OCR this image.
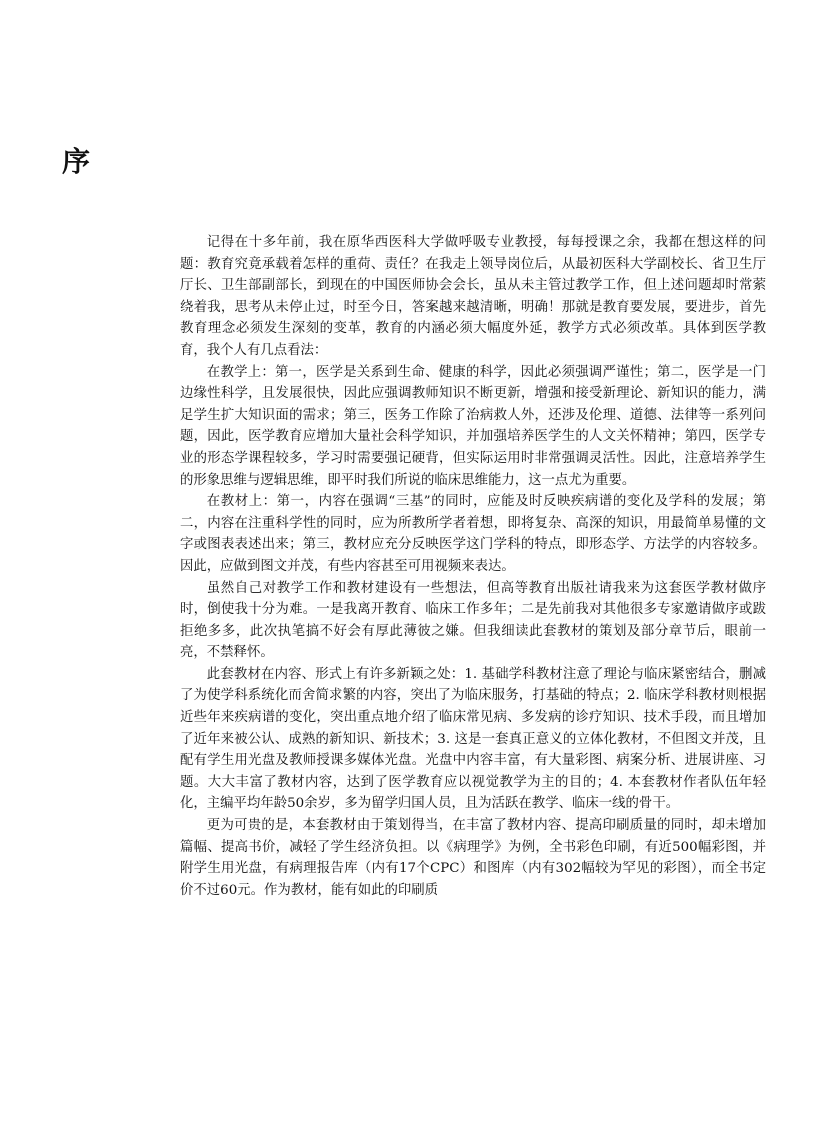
序

记得在十多年前，我在原华西医科大学做呼吸专业教授，每每授课之余，我都在想这样的问题：教育究竟承载着怎样的重荷、责任？在我走上领导岗位后，从最初医科大学副校长、省卫生厅厅长、卫生部副部长，到现在的中国医师协会会长，虽从未主管过教学工作，但上述问题却时常萦绕着我，思考从未停止过，时至今日，答案越来越清晰，明确！那就是教育要发展，要进步，首先教育理念必须发生深刻的变革，教育的内涵必须大幅度外延，教学方式必须改革。具体到医学教育，我个人有几点看法：

在教学上：第一，医学是关系到生命、健康的科学，因此必须强调严谨性；第二，医学是一门边缘性科学，且发展很快，因此应强调教师知识不断更新，增强和接受新理论、新知识的能力，满足学生扩大知识面的需求；第三，医务工作除了治病救人外，还涉及伦理、道德、法律等一系列问题，因此，医学教育应增加大量社会科学知识，并加强培养医学生的人文关怀精神；第四，医学专业的形态学课程较多，学习时需要强记硬背，但实际运用时非常强调灵活性。因此，注意培养学生的形象思维与逻辑思维，即平时我们所说的临床思维能力，这一点尤为重要。

在教材上：第一，内容在强调“三基”的同时，应能及时反映疾病谱的变化及学科的发展；第二，内容在注重科学性的同时，应为所教所学者着想，即将复杂、高深的知识，用最简单易懂的文字或图表表述出来；第三，教材应充分反映医学这门学科的特点，即形态学、方法学的内容较多。因此，应做到图文并茂，有些内容甚至可用视频来表达。

虽然自己对教学工作和教材建设有一些想法，但高等教育出版社请我来为这套医学教材做序时，倒使我十分为难。一是我离开教育、临床工作多年；二是先前我对其他很多专家邀请做序或跋拒绝多多，此次执笔搞不好会有厚此薄彼之嫌。但我细读此套教材的策划及部分章节后，眼前一亮，不禁释怀。

此套教材在内容、形式上有许多新颖之处：1. 基础学科教材注意了理论与临床紧密结合，删减了为使学科系统化而舍简求繁的内容，突出了为临床服务，打基础的特点；2. 临床学科教材则根据近些年来疾病谱的变化，突出重点地介绍了临床常见病、多发病的诊疗知识、技术手段，而且增加了近年来被公认、成熟的新知识、新技术；3. 这是一套真正意义的立体化教材，不但图文并茂，且配有学生用光盘及教师授课多媒体光盘。光盘中内容丰富，有大量彩图、病案分析、进展讲座、习题。大大丰富了教材内容，达到了医学教育应以视觉教学为主的目的；4. 本套教材作者队伍年轻化，主编平均年龄50余岁，多为留学归国人员，且为活跃在教学、临床一线的骨干。

更为可贵的是，本套教材由于策划得当，在丰富了教材内容、提高印刷质量的同时，却未增加篇幅、提高书价，减轻了学生经济负担。以《病理学》为例，全书彩色印刷，有近500幅彩图，并附学生用光盘，有病理报告库（内有17个CPC）和图库（内有302幅较为罕见的彩图），而全书定价不过60元。作为教材，能有如此的印刷质
